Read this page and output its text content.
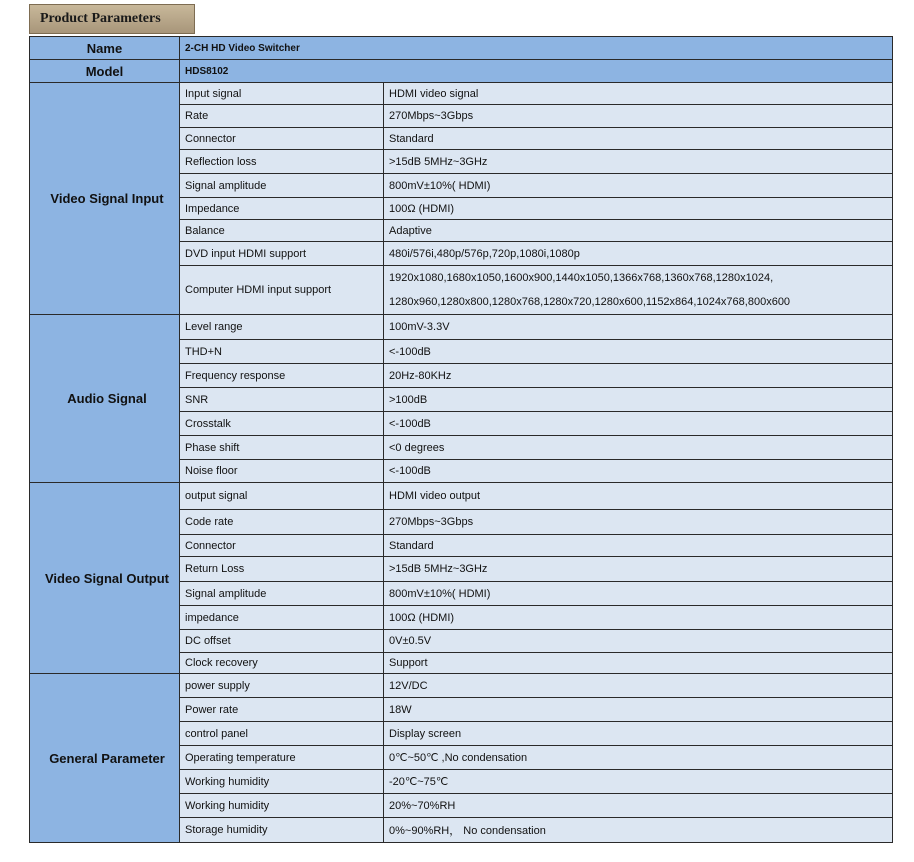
Product Parameters
Name	2-CH HD Video Switcher	
Model	HDS8102	
Video Signal Input	Input signal	HDMI video signal
	Rate	270Mbps~3Gbps
	Connector	Standard
	Reflection loss	>15dB 5MHz~3GHz
	Signal amplitude	800mV±10%( HDMI)
	Impedance	100Ω (HDMI)
	Balance	Adaptive
	DVD input HDMI support	480i/576i,480p/576p,720p,1080i,1080p
	Computer HDMI input support	1920x1080,1680x1050,1600x900,1440x1050,1366x768,1360x768,1280x1024,
1280x960,1280x800,1280x768,1280x720,1280x600,1152x864,1024x768,800x600

Audio Signal	Level range	100mV-3.3V
	THD+N	<-100dB
	Frequency response	20Hz-80KHz
	SNR	>100dB
	Crosstalk	<-100dB
	Phase shift	<0 degrees
	Noise floor	<-100dB
Video Signal Output	output signal	HDMI video output
	Code rate	270Mbps~3Gbps
	Connector	Standard
	Return Loss	>15dB 5MHz~3GHz
	Signal amplitude	800mV±10%( HDMI)
	impedance	100Ω (HDMI)
	DC offset	0V±0.5V
	Clock recovery	Support
General Parameter	power supply	12V/DC
	Power rate	18W
	control panel	Display screen
	Operating temperature	0℃~50℃ ,No condensation
	Working humidity	-20℃~75℃
	Working humidity	20%~70%RH
	Storage humidity	0%~90%RH， No condensation
